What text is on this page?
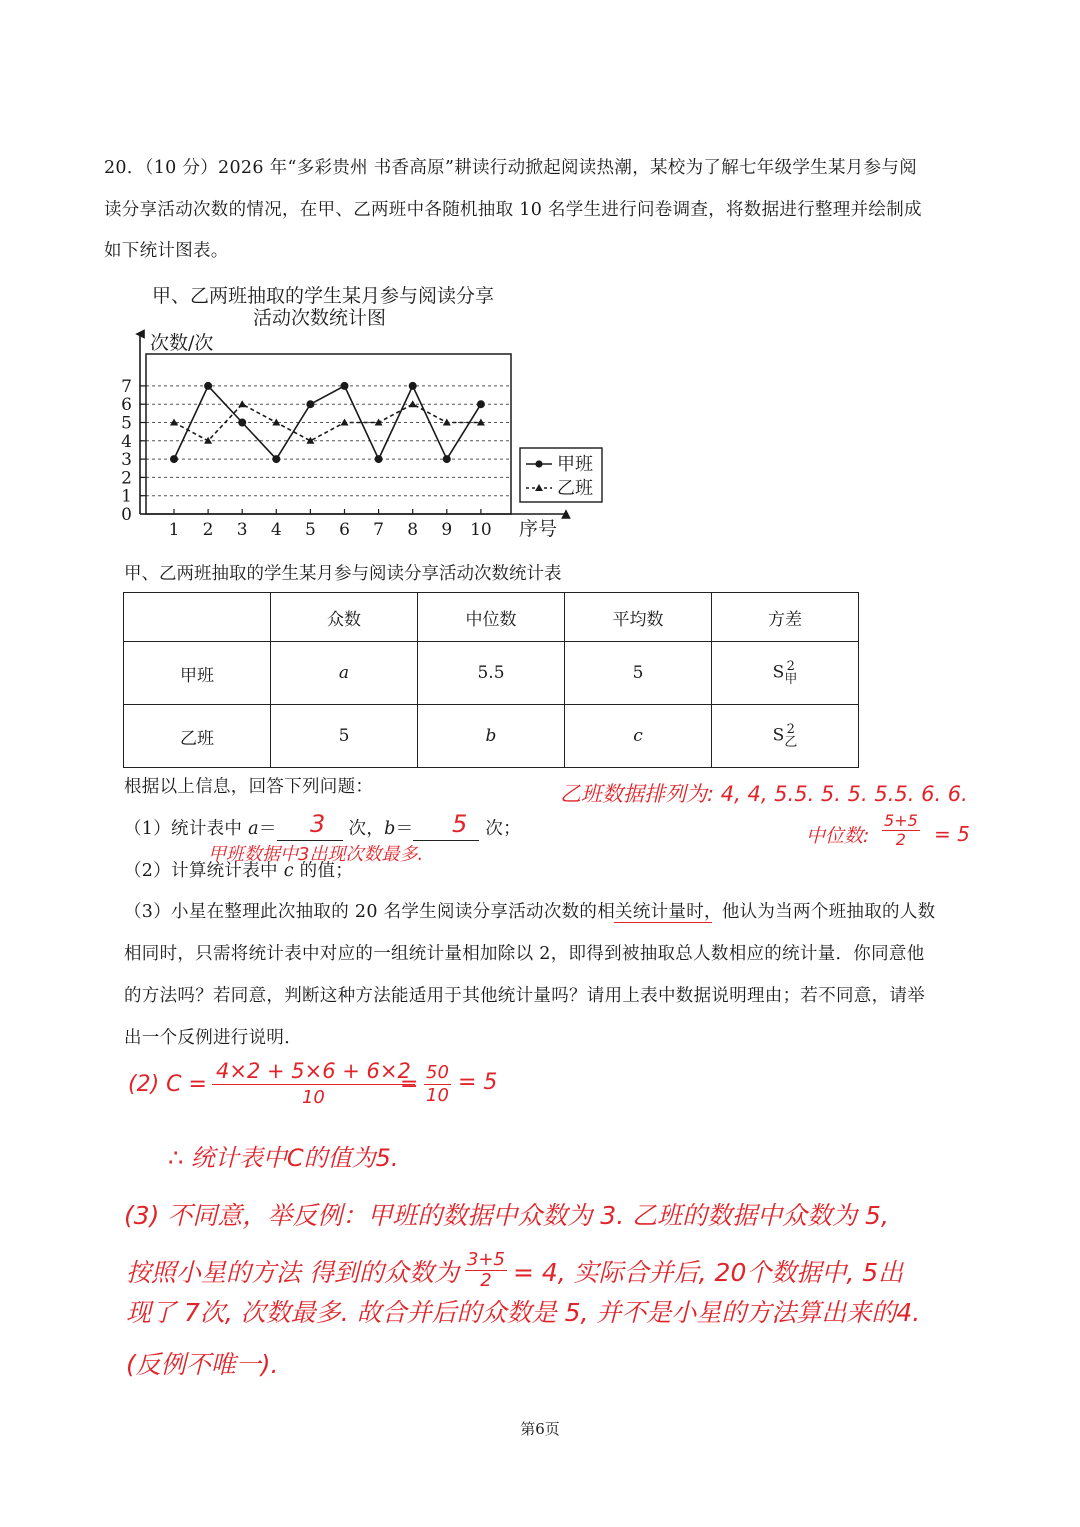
20．（10 分）2026 年“多彩贵州 书香高原”耕读行动掀起阅读热潮，某校为了解七年级学生某月参与阅
读分享活动次数的情况，在甲、乙两班中各随机抽取 10 名学生进行问卷调查，将数据进行整理并绘制成
如下统计图表。
甲、乙两班抽取的学生某月参与阅读分享
活动次数统计图
次数/次
序号
0
1
2
3
4
5
6
7
1 2 3 4 5 6 7 8 9 10
甲班
乙班
甲、乙两班抽取的学生某月参与阅读分享活动次数统计表
	众数	中位数	平均数	方差
甲班	a	5.5	5	S 2
甲

乙班	5	b	c	S 2
乙
根据以上信息，回答下列问题：
（1）统计表中 a＝	次，b＝	次；
（2）计算统计表中 c 的值；
（3）小星在整理此次抽取的 20 名学生阅读分享活动次数的相关统计量时，他认为当两个班抽取的人数
相同时，只需将统计表中对应的一组统计量相加除以 2，即得到被抽取总人数相应的统计量．你同意他
的方法吗？若同意，判断这种方法能适用于其他统计量吗？请用上表中数据说明理由；若不同意，请举
出一个反例进行说明．
乙班数据排列为: 4, 4, 5.5. 5. 5. 5.5. 6. 6.
中位数: $\frac{5+5}{2} = 5$
3	5
甲班数据中3出现次数最多.
(2) $C = \frac{4\times 2 + 5\times 6 + 6\times 2}{10}$
= 50
10
= 5
∴ 统计表中C的值为5.
(3) 不同意，举反例：甲班的数据中众数为 3. 乙班的数据中众数为 5,
按照小星的方法 得到的众数为 $\frac{3+5}{2} = 4$, 实际合并后, 20个数据中, 5出
现了 7次, 次数最多. 故合并后的众数是 5, 并不是小星的方法算出来的4.
(反例不唯一).
第6页
